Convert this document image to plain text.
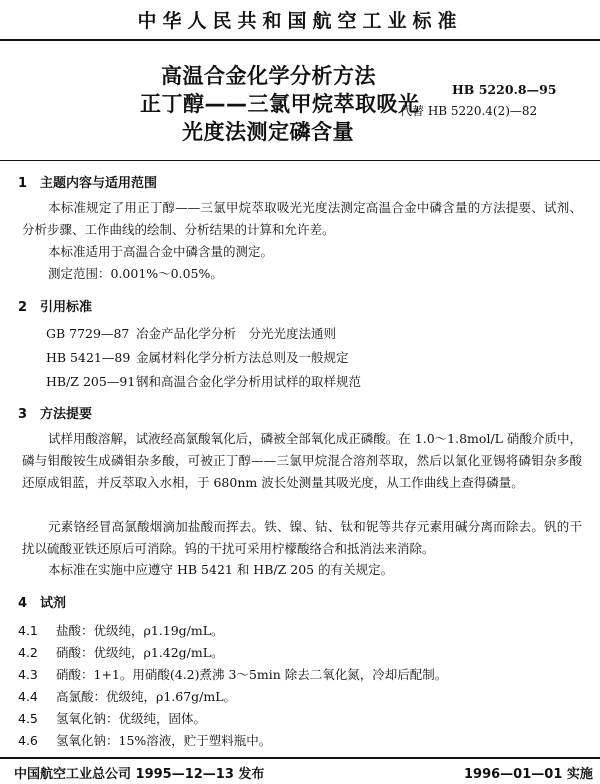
中华人民共和国航空工业标准
高温合金化学分析方法
正丁醇——三氯甲烷萃取吸光
光度法测定磷含量
HB 5220.8—95
代替 HB 5220.4(2)—82
1 主题内容与适用范围
本标准规定了用正丁醇——三氯甲烷萃取吸光光度法测定高温合金中磷含量的方法提要、试剂、分析步骤、工作曲线的绘制、分析结果的计算和允许差。
本标准适用于高温合金中磷含量的测定。
测定范围：0.001%～0.05%。
2 引用标准
GB 7729—87 冶金产品化学分析　分光光度法通则
HB 5421—89 金属材料化学分析方法总则及一般规定
HB/Z 205—91钢和高温合金化学分析用试样的取样规范
3 方法提要
试样用酸溶解，试液经高氯酸氧化后，磷被全部氧化成正磷酸。在 1.0～1.8mol/L 硝酸介质中，磷与钼酸铵生成磷钼杂多酸，可被正丁醇——三氯甲烷混合溶剂萃取，然后以氯化亚锡将磷钼杂多酸还原成钼蓝，并反萃取入水相，于 680nm 波长处测量其吸光度，从工作曲线上查得磷量。
元素铬经冒高氯酸烟滴加盐酸而挥去。铁、镍、钴、钛和铌等共存元素用碱分离而除去。钒的干扰以硫酸亚铁还原后可消除。钨的干扰可采用柠檬酸络合和抵消法来消除。
本标准在实施中应遵守 HB 5421 和 HB/Z 205 的有关规定。
4 试剂
4.1 盐酸：优级纯，ρ1.19g/mL。
4.2 硝酸：优级纯，ρ1.42g/mL。
4.3 硝酸：1+1。用硝酸(4.2)煮沸 3～5min 除去二氧化氮，冷却后配制。
4.4 高氯酸：优级纯，ρ1.67g/mL。
4.5 氢氧化钠：优级纯，固体。
4.6 氢氧化钠：15%溶液，贮于塑料瓶中。
中国航空工业总公司 1995—12—13 发布	1996—01—01 实施
